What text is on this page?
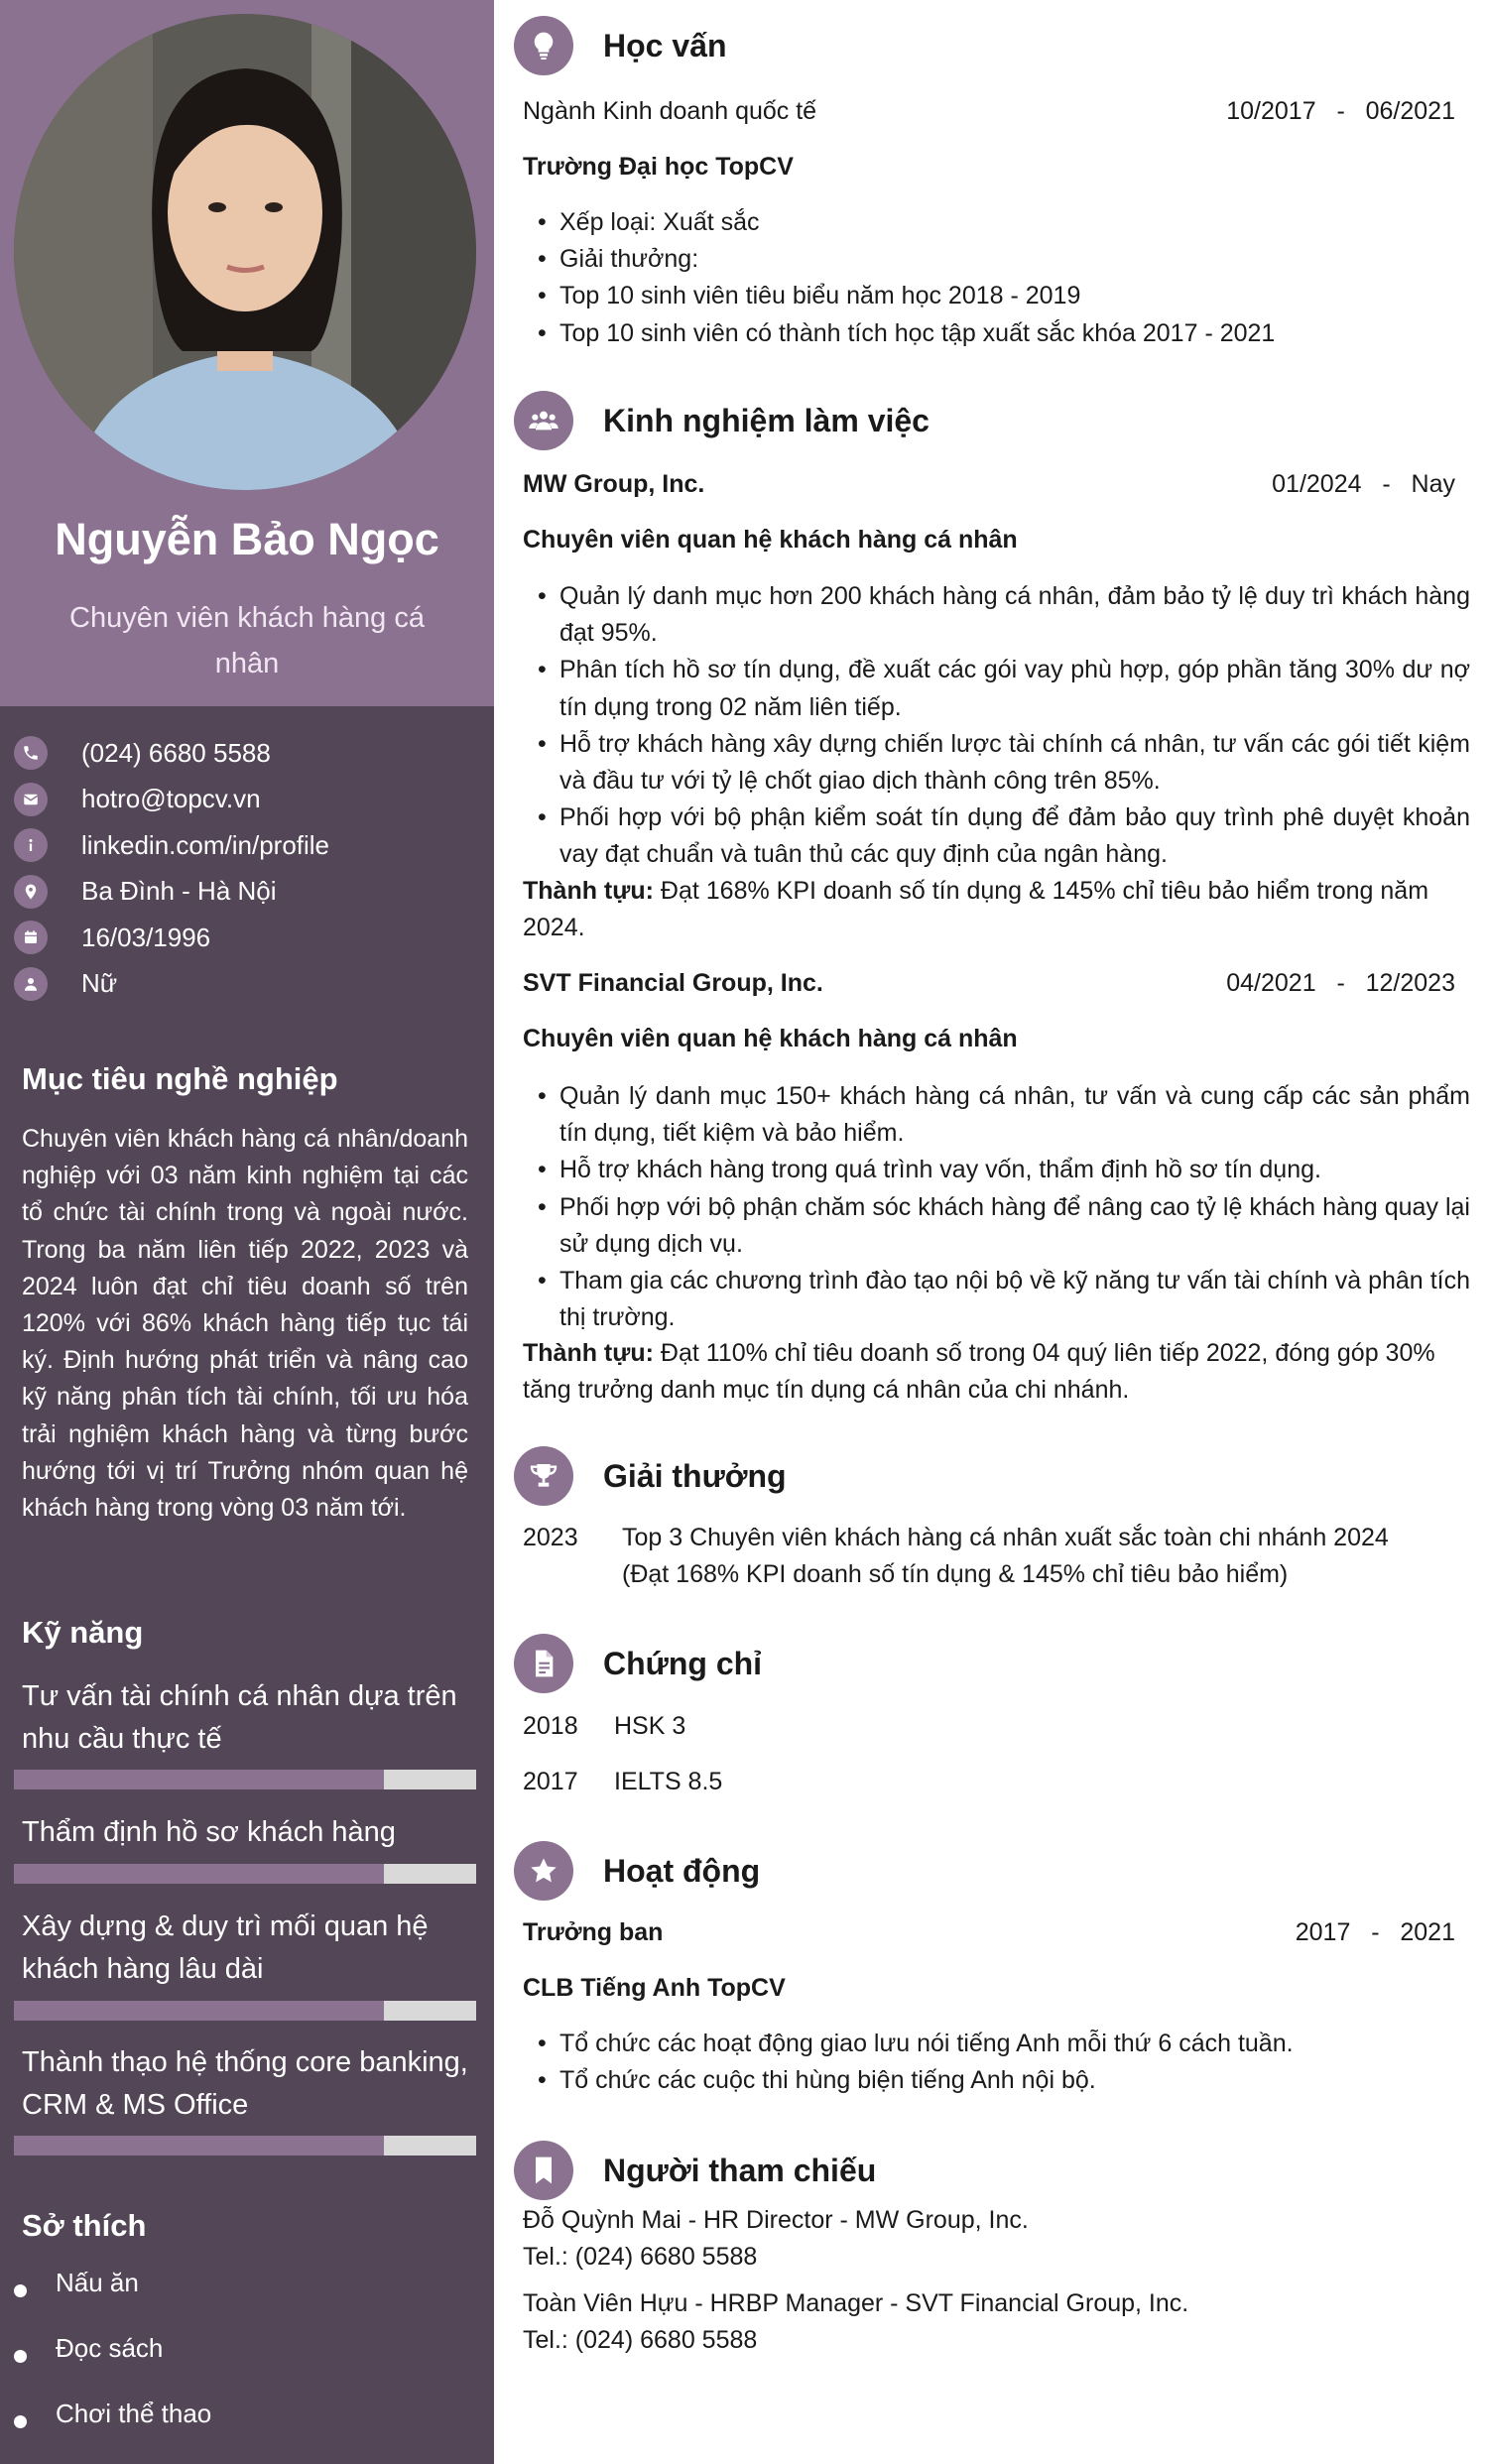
Nguyễn Bảo Ngọc
Chuyên viên khách hàng cá nhân
(024) 6680 5588
hotro@topcv.vn
linkedin.com/in/profile
Ba Đình - Hà Nội
16/03/1996
Nữ
Mục tiêu nghề nghiệp
Chuyên viên khách hàng cá nhân/doanh nghiệp với 03 năm kinh nghiệm tại các tổ chức tài chính trong và ngoài nước. Trong ba năm liên tiếp 2022, 2023 và 2024 luôn đạt chỉ tiêu doanh số trên 120% với 86% khách hàng tiếp tục tái ký. Định hướng phát triển và nâng cao kỹ năng phân tích tài chính, tối ưu hóa trải nghiệm khách hàng và từng bước hướng tới vị trí Trưởng nhóm quan hệ khách hàng trong vòng 03 năm tới.
Kỹ năng
Tư vấn tài chính cá nhân dựa trên nhu cầu thực tế
Thẩm định hồ sơ khách hàng
Xây dựng & duy trì mối quan hệ khách hàng lâu dài
Thành thạo hệ thống core banking, CRM & MS Office
Sở thích
Nấu ăn
Đọc sách
Chơi thể thao
Học vấn
Ngành Kinh doanh quốc tế	10/2017 - 06/2021
Trường Đại học TopCV
• Xếp loại: Xuất sắc
• Giải thưởng:
• Top 10 sinh viên tiêu biểu năm học 2018 - 2019
• Top 10 sinh viên có thành tích học tập xuất sắc khóa 2017 - 2021
Kinh nghiệm làm việc
MW Group, Inc.	01/2024 - Nay
Chuyên viên quan hệ khách hàng cá nhân
• Quản lý danh mục hơn 200 khách hàng cá nhân, đảm bảo tỷ lệ duy trì khách hàng đạt 95%.
• Phân tích hồ sơ tín dụng, đề xuất các gói vay phù hợp, góp phần tăng 30% dư nợ tín dụng trong 02 năm liên tiếp.
• Hỗ trợ khách hàng xây dựng chiến lược tài chính cá nhân, tư vấn các gói tiết kiệm và đầu tư với tỷ lệ chốt giao dịch thành công trên 85%.
• Phối hợp với bộ phận kiểm soát tín dụng để đảm bảo quy trình phê duyệt khoản vay đạt chuẩn và tuân thủ các quy định của ngân hàng.
Thành tựu: Đạt 168% KPI doanh số tín dụng & 145% chỉ tiêu bảo hiểm trong năm 2024.
SVT Financial Group, Inc.	04/2021 - 12/2023
Chuyên viên quan hệ khách hàng cá nhân
• Quản lý danh mục 150+ khách hàng cá nhân, tư vấn và cung cấp các sản phẩm tín dụng, tiết kiệm và bảo hiểm.
• Hỗ trợ khách hàng trong quá trình vay vốn, thẩm định hồ sơ tín dụng.
• Phối hợp với bộ phận chăm sóc khách hàng để nâng cao tỷ lệ khách hàng quay lại sử dụng dịch vụ.
• Tham gia các chương trình đào tạo nội bộ về kỹ năng tư vấn tài chính và phân tích thị trường.
Thành tựu: Đạt 110% chỉ tiêu doanh số trong 04 quý liên tiếp 2022, đóng góp 30% tăng trưởng danh mục tín dụng cá nhân của chi nhánh.
Giải thưởng
2023	Top 3 Chuyên viên khách hàng cá nhân xuất sắc toàn chi nhánh 2024
(Đạt 168% KPI doanh số tín dụng & 145% chỉ tiêu bảo hiểm)
Chứng chỉ
2018	HSK 3
2017	IELTS 8.5
Hoạt động
Trưởng ban	2017 - 2021
CLB Tiếng Anh TopCV
• Tổ chức các hoạt động giao lưu nói tiếng Anh mỗi thứ 6 cách tuần.
• Tổ chức các cuộc thi hùng biện tiếng Anh nội bộ.
Người tham chiếu
Đỗ Quỳnh Mai - HR Director - MW Group, Inc.
Tel.: (024) 6680 5588
Toàn Viên Hựu - HRBP Manager - SVT Financial Group, Inc.
Tel.: (024) 6680 5588
